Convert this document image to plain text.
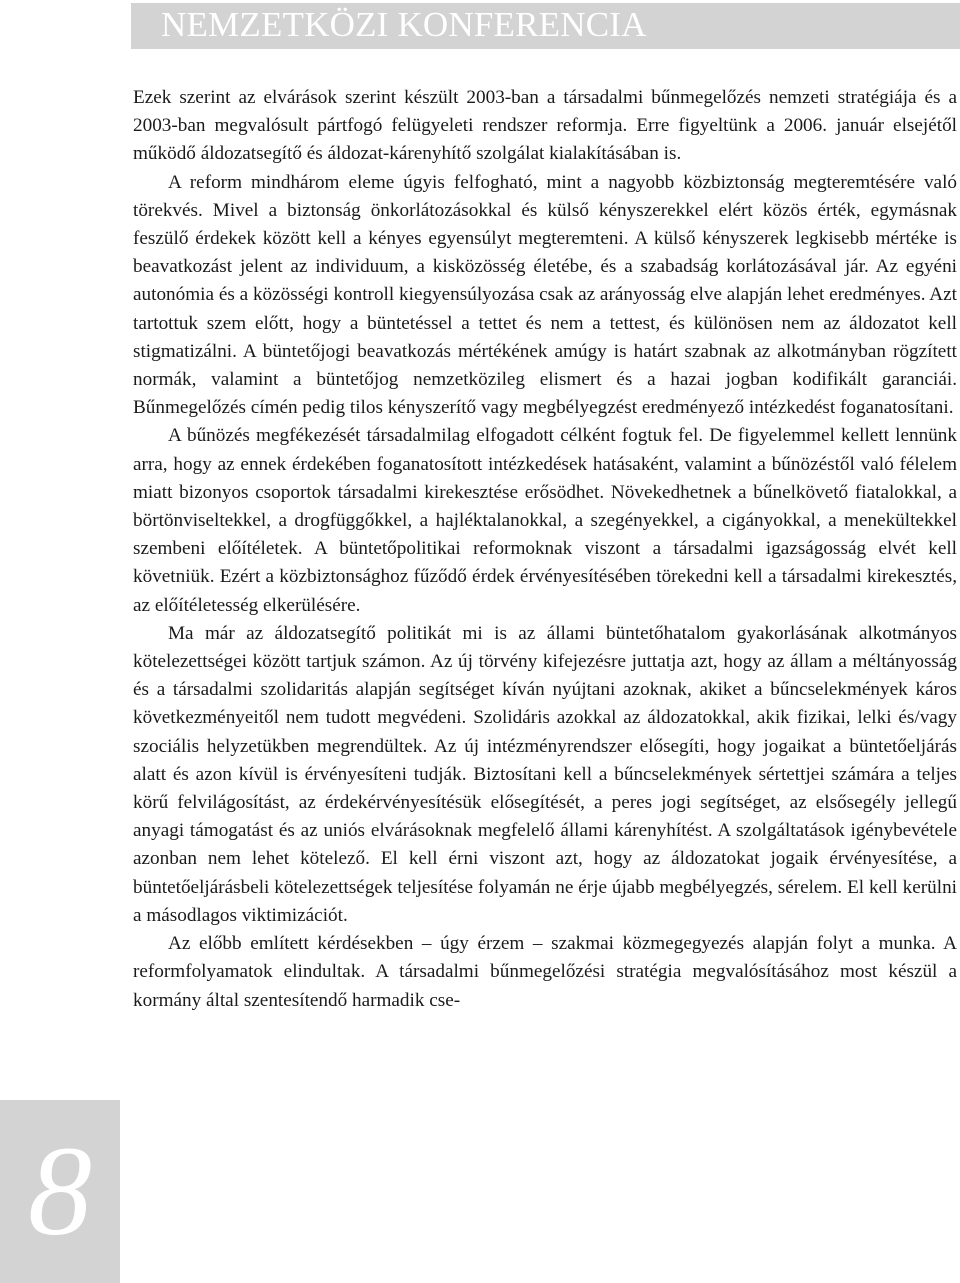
NEMZETKÖZI KONFERENCIA
8

Ezek szerint az elvárások szerint készült 2003-ban a társadalmi bűnmegelőzés nemzeti stratégiája és a 2003-ban megvalósult pártfogó felügyeleti rendszer reformja. Erre figyeltünk a 2006. január elsejétől működő áldozatsegítő és áldozat-kárenyhítő szolgálat kialakításában is.

A reform mindhárom eleme úgyis felfogható, mint a nagyobb közbiztonság megteremtésére való törekvés. Mivel a biztonság önkorlátozásokkal és külső kényszerekkel elért közös érték, egymásnak feszülő érdekek között kell a kényes egyensúlyt megteremteni. A külső kényszerek legkisebb mértéke is beavatkozást jelent az individuum, a kisközösség életébe, és a szabadság korlátozásával jár. Az egyéni autonómia és a közösségi kontroll kiegyensúlyozása csak az arányosság elve alapján lehet eredményes. Azt tartottuk szem előtt, hogy a büntetéssel a tettet és nem a tettest, és különösen nem az áldozatot kell stigmatizálni. A büntetőjogi beavatkozás mértékének amúgy is határt szabnak az alkotmányban rögzített normák, valamint a büntetőjog nemzetközileg elismert és a hazai jogban kodifikált garanciái. Bűnmegelőzés címén pedig tilos kényszerítő vagy megbélyegzést eredményező intézkedést foganatosítani.

A bűnözés megfékezését társadalmilag elfogadott célként fogtuk fel. De figyelemmel kellett lennünk arra, hogy az ennek érdekében foganatosított intézkedések hatásaként, valamint a bűnözéstől való félelem miatt bizonyos csoportok társadalmi kirekesztése erősödhet. Növekedhetnek a bűnelkövető fiatalokkal, a börtönviseltekkel, a drogfüggőkkel, a hajléktalanokkal, a szegényekkel, a cigányokkal, a menekültekkel szembeni előítéletek. A büntetőpolitikai reformoknak viszont a társadalmi igazságosság elvét kell követniük. Ezért a közbiztonsághoz fűződő érdek érvényesítésében törekedni kell a társadalmi kirekesztés, az előítéletesség elkerülésére.

Ma már az áldozatsegítő politikát mi is az állami büntetőhatalom gyakorlásának alkotmányos kötelezettségei között tartjuk számon. Az új törvény kifejezésre juttatja azt, hogy az állam a méltányosság és a társadalmi szolidaritás alapján segítséget kíván nyújtani azoknak, akiket a bűncselekmények káros következményeitől nem tudott megvédeni. Szolidáris azokkal az áldozatokkal, akik fizikai, lelki és/vagy szociális helyzetükben megrendültek. Az új intézményrendszer elősegíti, hogy jogaikat a büntetőeljárás alatt és azon kívül is érvényesíteni tudják. Biztosítani kell a bűncselekmények sértettjei számára a teljes körű felvilágosítást, az érdekérvényesítésük elősegítését, a peres jogi segítséget, az elsősegély jellegű anyagi támogatást és az uniós elvárásoknak megfelelő állami kárenyhítést. A szolgáltatások igénybevétele azonban nem lehet kötelező. El kell érni viszont azt, hogy az áldozatokat jogaik érvényesítése, a büntetőeljárásbeli kötelezettségek teljesítése folyamán ne érje újabb megbélyegzés, sérelem. El kell kerülni a másodlagos viktimizációt.

Az előbb említett kérdésekben – úgy érzem – szakmai közmegegyezés alapján folyt a munka. A reformfolyamatok elindultak. A társadalmi bűnmegelőzési stratégia megvalósításához most készül a kormány által szentesítendő harmadik cse-
